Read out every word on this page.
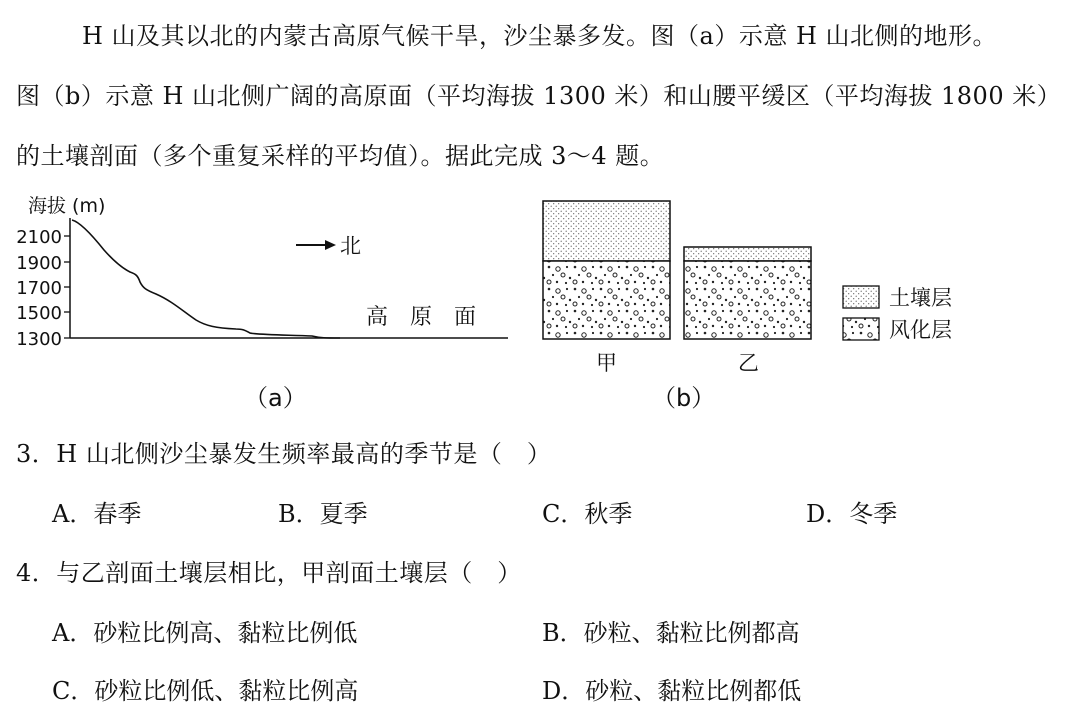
H 山及其以北的内蒙古高原气候干旱，沙尘暴多发。图（a）示意 H 山北侧的地形。
图（b）示意 H 山北侧广阔的高原面（平均海拔 1300 米）和山腰平缓区（平均海拔 1800 米）
的土壤剖面（多个重复采样的平均值）。据此完成 3～4 题。
海拔 (m)
2100
1900
1700
1500
1300
北
高　原　面
（a）
甲	乙
土壤层
风化层
（b）
3．H 山北侧沙尘暴发生频率最高的季节是（　）
A．春季	B．夏季	C．秋季	D．冬季
4．与乙剖面土壤层相比，甲剖面土壤层（　）
A．砂粒比例高、黏粒比例低	B．砂粒、黏粒比例都高
C．砂粒比例低、黏粒比例高	D．砂粒、黏粒比例都低
